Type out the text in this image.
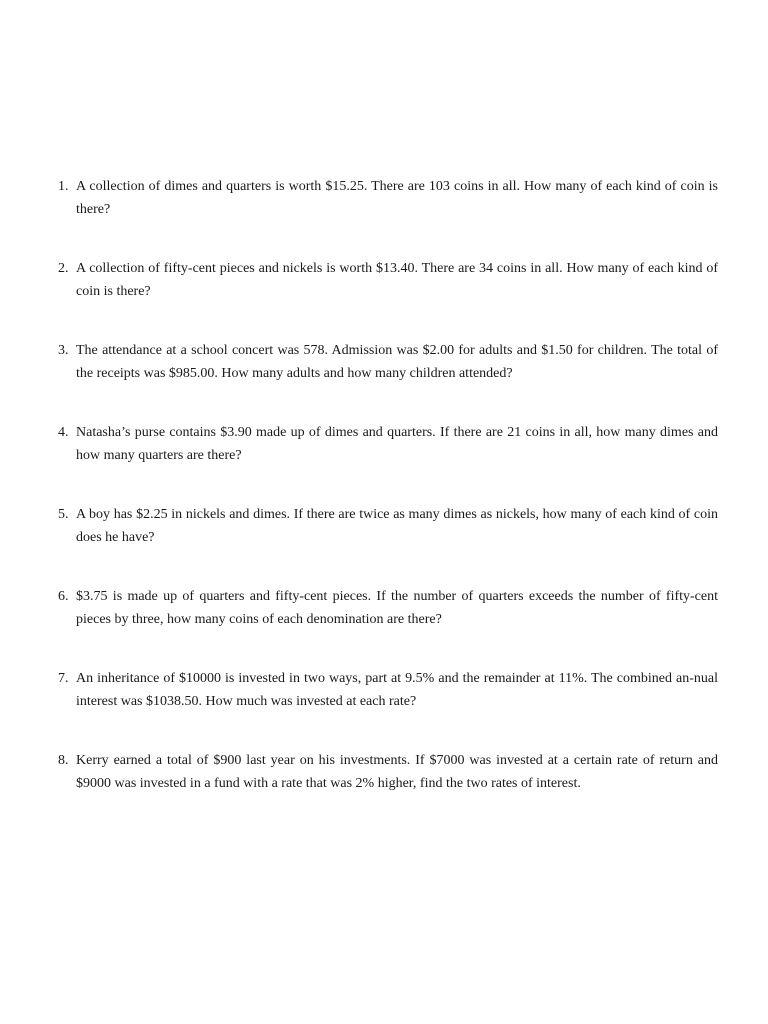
1. A collection of dimes and quarters is worth $15.25. There are 103 coins in all. How many of each kind of coin is there?
2. A collection of fifty-cent pieces and nickels is worth $13.40. There are 34 coins in all. How many of each kind of coin is there?
3. The attendance at a school concert was 578. Admission was $2.00 for adults and $1.50 for children. The total of the receipts was $985.00. How many adults and how many children attended?
4. Natasha’s purse contains $3.90 made up of dimes and quarters. If there are 21 coins in all, how many dimes and how many quarters are there?
5. A boy has $2.25 in nickels and dimes. If there are twice as many dimes as nickels, how many of each kind of coin does he have?
6. $3.75 is made up of quarters and fifty-cent pieces. If the number of quarters exceeds the number of fifty-cent pieces by three, how many coins of each denomination are there?
7. An inheritance of $10000 is invested in two ways, part at 9.5% and the remainder at 11%. The combined an-nual interest was $1038.50. How much was invested at each rate?
8. Kerry earned a total of $900 last year on his investments. If $7000 was invested at a certain rate of return and $9000 was invested in a fund with a rate that was 2% higher, find the two rates of interest.
